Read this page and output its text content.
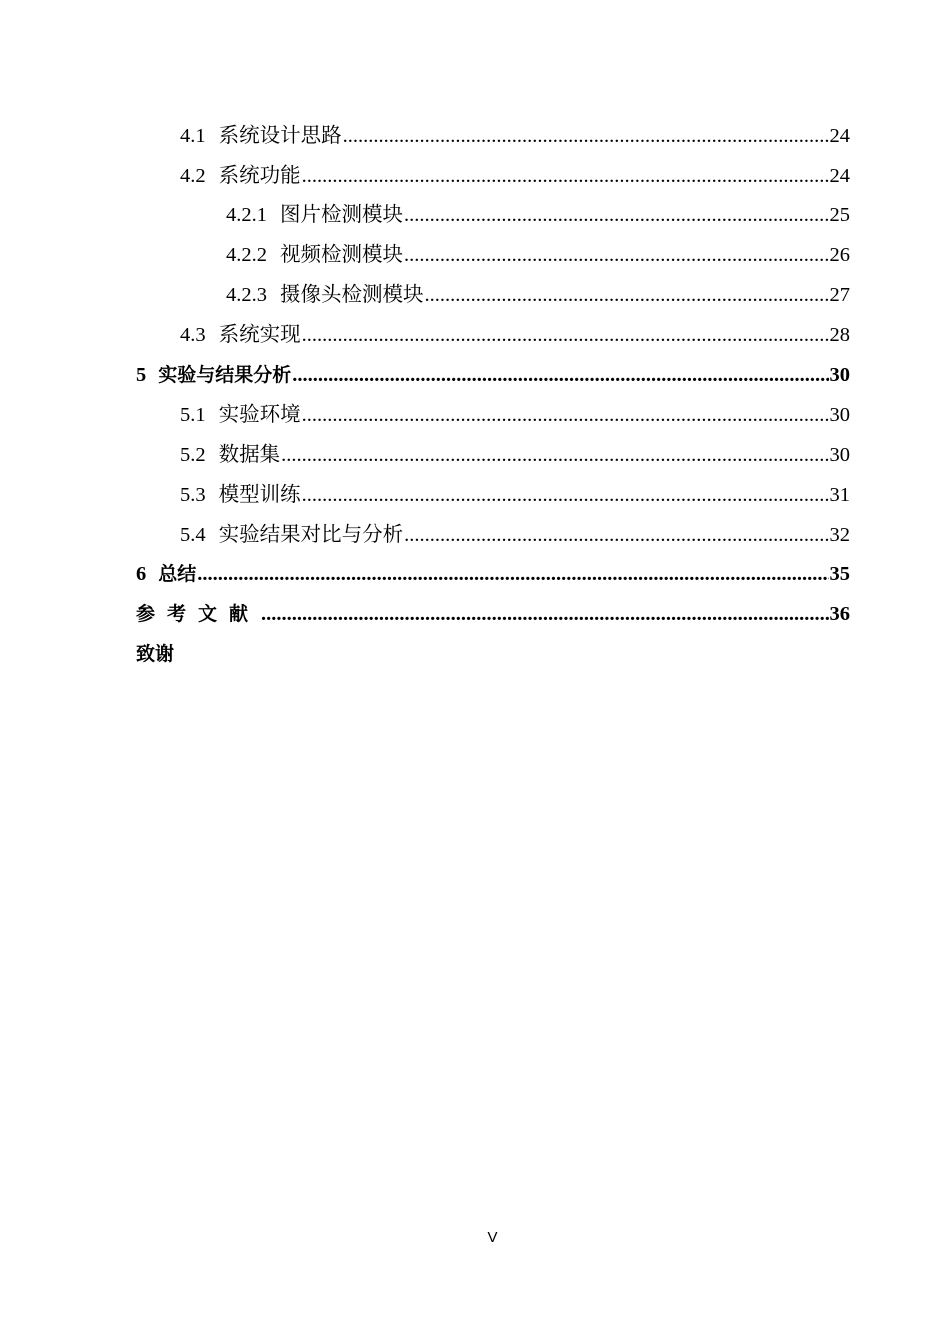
4.1 系统设计思路 .....	24
4.2 系统功能 .....	24
4.2.1 图片检测模块 .....	25
4.2.2 视频检测模块 .....	26
4.2.3 摄像头检测模块 .....	27
4.3 系统实现 .....	28
5 实验与结果分析 .....	30
5.1 实验环境 .....	30
5.2 数据集 .....	30
5.3 模型训练 .....	31
5.4 实验结果对比与分析 .....	32
6 总结 .....	35
参考文献 .....	36
致谢
V
